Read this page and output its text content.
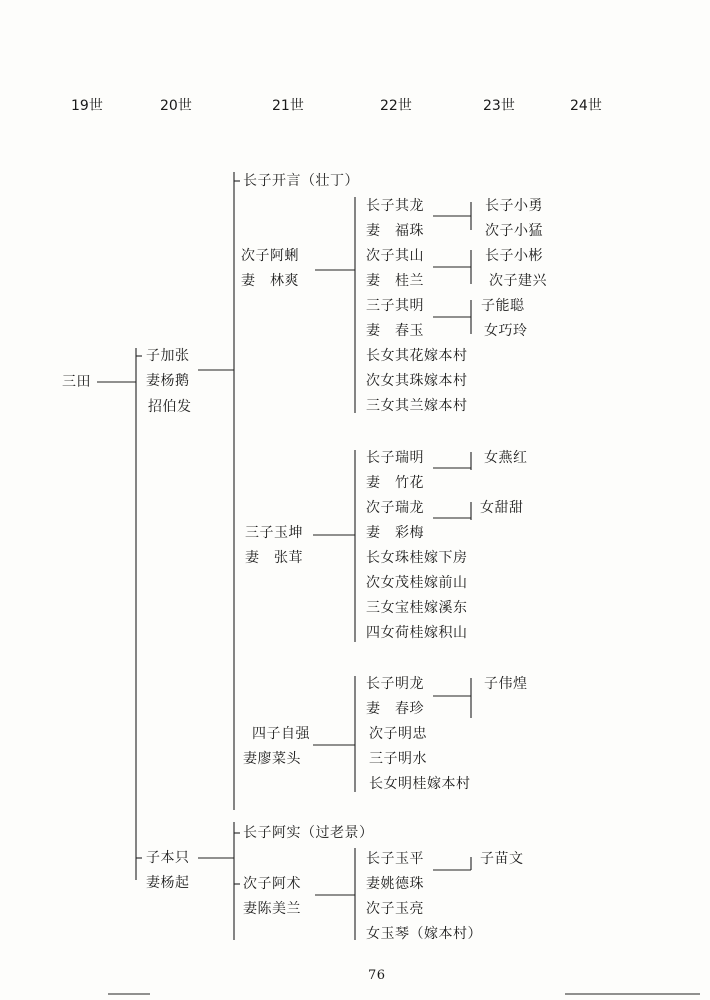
19世	20世	21世	22世	23世	24世
三田
子加张
妻杨鹅
招伯发
子本只
妻杨起
长子开言（壮丁）
次子阿蜊
妻　林爽
三子玉坤
妻　张茸
四子自强
妻廖菜头
长子阿实（过老景）
次子阿术
妻陈美兰
长子其龙
妻　福珠
次子其山
妻　桂兰
三子其明
妻　春玉
长女其花嫁本村
次女其珠嫁本村
三女其兰嫁本村
长子瑞明
妻　竹花
次子瑞龙
妻　彩梅
长女珠桂嫁下房
次女茂桂嫁前山
三女宝桂嫁溪东
四女荷桂嫁积山
长子明龙
妻　春珍
次子明忠
三子明水
长女明桂嫁本村
长子玉平
妻姚德珠
次子玉亮
女玉琴（嫁本村）
长子小勇
次子小猛
长子小彬
次子建兴
子能聪
女巧玲
女燕红
女甜甜
子伟煌
子苗文
76
